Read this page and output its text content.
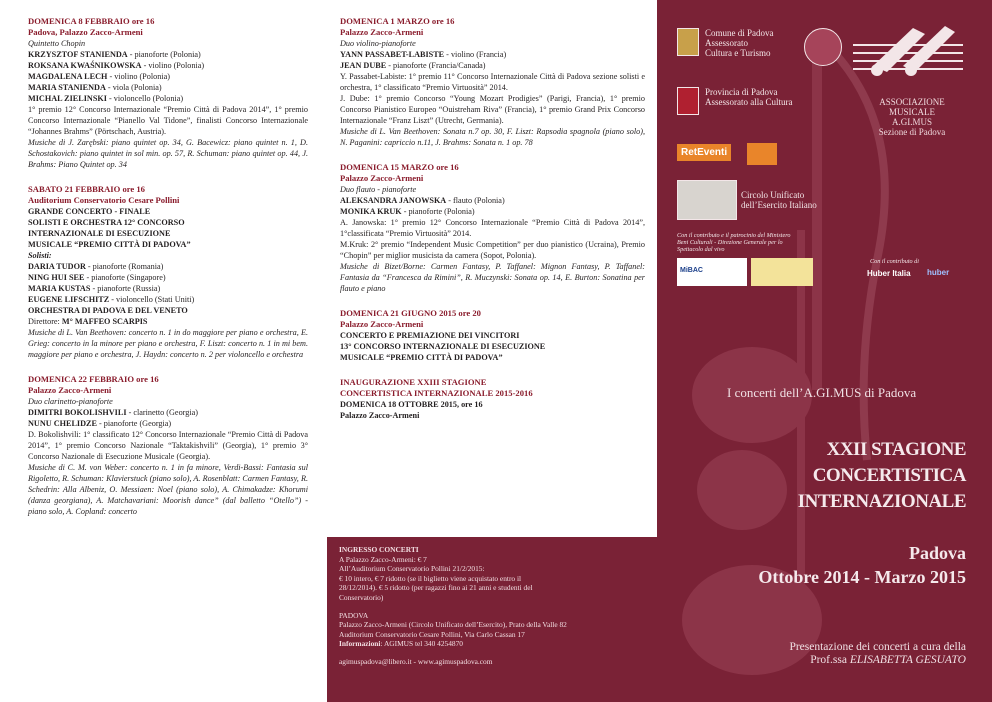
DOMENICA 8 FEBBRAIO ore 16
Padova, Palazzo Zacco-Armeni
Quintetto Chopin
KRZYSZTOF STANIENDA - pianoforte (Polonia)
ROKSANA KWAŚNIKOWSKA - violino (Polonia)
MAGDALENA LECH - violino (Polonia)
MARIA STANIENDA - viola (Polonia)
MICHAL ZIELINSKI - violoncello (Polonia)
1° premio 12° Concorso Internazionale “Premio Città di Padova 2014”, 1° premio Concorso Internazionale “Pianello Val Tidone”, finalisti Concorso Internazionale “Johannes Brahms” (Pörtschach, Austria).
Musiche di J. Zarębski: piano quintet op. 34, G. Bacewicz: piano quintet n. 1, D. Schostakovich: piano quintet in sol min. op. 57, R. Schuman: piano quintet op. 44, J. Brahms: Piano Quintet op. 34
SABATO 21 FEBBRAIO ore 16
Auditorium Conservatorio Cesare Pollini
GRANDE CONCERTO - FINALE
SOLISTI E ORCHESTRA 12° CONCORSO
INTERNAZIONALE DI ESECUZIONE
MUSICALE “PREMIO CITTÀ DI PADOVA”
Solisti:
DARIA TUDOR - pianoforte (Romania)
NING HUI SEE - pianoforte (Singapore)
MARIA KUSTAS - pianoforte (Russia)
EUGENE LIFSCHITZ - violoncello (Stati Uniti)
ORCHESTRA DI PADOVA E DEL VENETO
Direttore: M° MAFFEO SCARPIS
Musiche di L. Van Beethoven: concerto n. 1 in do maggiore per piano e orchestra, E. Grieg: concerto in la minore per piano e orchestra, F. Liszt: concerto n. 1 in mi bem. maggiore per piano e orchestra, J. Haydn: concerto n. 2 per violoncello e orchestra
DOMENICA 22 FEBBRAIO ore 16
Palazzo Zacco-Armeni
Duo clarinetto-pianoforte
DIMITRI BOKOLISHVILI - clarinetto (Georgia)
NUNU CHELIDZE - pianoforte (Georgia)
D. Bokolishvili: 1° classificato 12° Concorso Internazionale “Premio Città di Padova 2014”, 1° premio Concorso Nazionale “Taktakishvili” (Georgia), 1° premio 3° Concorso Nazionale di Esecuzione Musicale (Georgia).
Musiche di C. M. von Weber: concerto n. 1 in fa minore, Verdi-Bassi: Fantasia sul Rigoletto, R. Schuman: Klavierstuck (piano solo), A. Rosenblatt: Carmen Fantasy, R. Schedrin: Alla Albeniz, O. Messiaen: Noel (piano solo), A. Chimakadze: Khorumi (danza georgiana), A. Matchavariani: Moorish dance” (dal balletto “Otello”) - piano solo, A. Copland: concerto
DOMENICA 1 MARZO ore 16
Palazzo Zacco-Armeni
Duo violino-pianoforte
YANN PASSABET-LABISTE - violino (Francia)
JEAN DUBE - pianoforte (Francia/Canada)
Y. Passabet-Labiste: 1° premio 11° Concorso Internazionale Città di Padova sezione solisti e orchestra, 1° classificato “Premio Virtuosità” 2014.
J. Dube: 1° premio Concorso “Young Mozart Prodigies” (Parigi, Francia), 1° premio Concorso Pianistico Europeo “Ouistreham Riva” (Francia), 1° premio Grand Prix Concorso Internazionale “Franz Liszt” (Utrecht, Germania).
Musiche di L. Van Beethoven: Sonata n.7 op. 30, F. Liszt: Rapsodia spagnola (piano solo), N. Paganini: capriccio n.11, J. Brahms: Sonata n. 1 op. 78
DOMENICA 15 MARZO ore 16
Palazzo Zacco-Armeni
Duo flauto - pianoforte
ALEKSANDRA JANOWSKA - flauto (Polonia)
MONIKA KRUK - pianoforte (Polonia)
A. Janowska: 1° premio 12° Concorso Internazionale “Premio Città di Padova 2014”, 1°classificata “Premio Virtuosità” 2014.
M.Kruk: 2° premio “Independent Music Competition” per duo pianistico (Ucraina), Premio “Chopin” per miglior musicista da camera (Sopot, Polonia).
Musiche di Bizet/Borne: Carmen Fantasy, P. Taffanel: Mignon Fantasy, P. Taffanel: Fantasia da “Francesca da Rimini”, R. Muczynski: Sonata op. 14, E. Burton: Sonatina per flauto e piano
DOMENICA 21 GIUGNO 2015 ore 20
Palazzo Zacco-Armeni
CONCERTO E PREMIAZIONE DEI VINCITORI
13° CONCORSO INTERNAZIONALE DI ESECUZIONE
MUSICALE “PREMIO CITTÀ DI PADOVA”
INAUGURAZIONE XXIII STAGIONE
CONCERTISTICA INTERNAZIONALE 2015-2016
DOMENICA 18 OTTOBRE 2015, ore 16
Palazzo Zacco-Armeni
INGRESSO CONCERTI
A Palazzo Zacco-Armeni: € 7
All’Auditorium Conservatorio Pollini 21/2/2015:
€ 10 intero, € 7 ridotto (se il biglietto viene acquistato entro il
28/12/2014). € 5 ridotto (per ragazzi fino ai 21 anni e studenti del
Conservatorio)
PADOVA
Palazzo Zacco-Armeni (Circolo Unificato dell’Esercito), Prato della Valle 82
Auditorium Conservatorio Cesare Pollini, Via Carlo Cassan 17
Informazioni: AGIMUS tel 340 4254870
agimuspadova@libero.it - www.agimuspadova.com
Comune di Padova
Assessorato
Cultura e Turismo
ASSOCIAZIONE
MUSICALE
A.GI.MUS
Sezione di Padova
Provincia di Padova
Assessorato alla Cultura
RetEventi
Circolo Unificato
dell’Esercito Italiano
Con il contributo e il patrocinio del Ministero
Beni Culturali - Direzione Generale per lo
Spettacolo dal vivo
MiBAC
Con il contributo di
Huber Italia huber
I concerti dell’A.GI.MUS di Padova
XXII STAGIONE
CONCERTISTICA
INTERNAZIONALE
Padova
Ottobre 2014 - Marzo 2015
Presentazione dei concerti a cura della
Prof.ssa ELISABETTA GESUATO
